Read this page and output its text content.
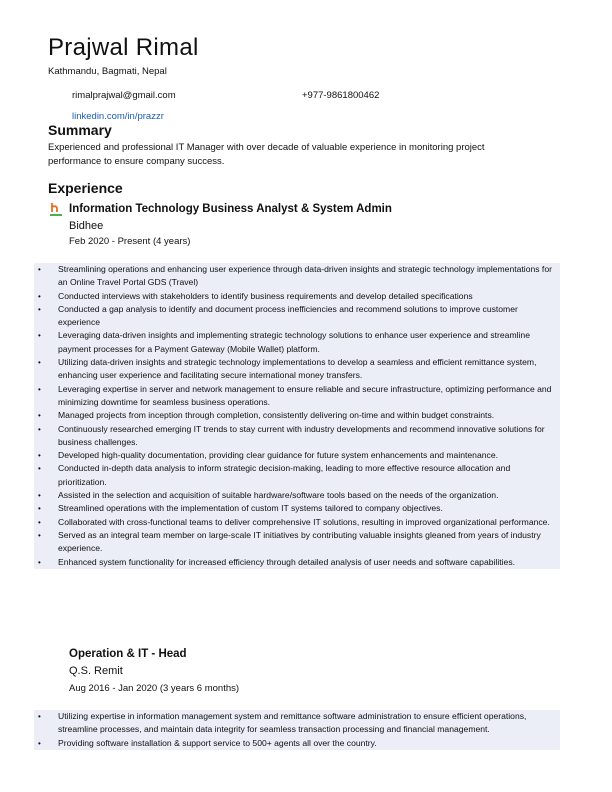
Prajwal Rimal
Kathmandu, Bagmati, Nepal
rimalprajwal@gmail.com	+977-9861800462
linkedin.com/in/prazzr
Summary

Experienced and professional IT Manager with over decade of valuable experience in monitoring project performance to ensure company success.

Experience
Information Technology Business Analyst & System Admin
Bidhee
Feb 2020 - Present (4 years)
• Streamlining operations and enhancing user experience through data-driven insights and strategic technology implementations for an Online Travel Portal GDS (Travel)
• Conducted interviews with stakeholders to identify business requirements and develop detailed specifications
• Conducted a gap analysis to identify and document process inefficiencies and recommend solutions to improve customer experience
• Leveraging data-driven insights and implementing strategic technology solutions to enhance user experience and streamline payment processes for a Payment Gateway (Mobile Wallet) platform.
• Utilizing data-driven insights and strategic technology implementations to develop a seamless and efficient remittance system, enhancing user experience and facilitating secure international money transfers.
• Leveraging expertise in server and network management to ensure reliable and secure infrastructure, optimizing performance and minimizing downtime for seamless business operations.
• Managed projects from inception through completion, consistently delivering on-time and within budget constraints.
• Continuously researched emerging IT trends to stay current with industry developments and recommend innovative solutions for business challenges.
• Developed high-quality documentation, providing clear guidance for future system enhancements and maintenance.
• Conducted in-depth data analysis to inform strategic decision-making, leading to more effective resource allocation and prioritization.
• Assisted in the selection and acquisition of suitable hardware/software tools based on the needs of the organization.
• Streamlined operations with the implementation of custom IT systems tailored to company objectives.
• Collaborated with cross-functional teams to deliver comprehensive IT solutions, resulting in improved organizational performance.
• Served as an integral team member on large-scale IT initiatives by contributing valuable insights gleaned from years of industry experience.
• Enhanced system functionality for increased efficiency through detailed analysis of user needs and software capabilities.
Operation & IT - Head
Q.S. Remit
Aug 2016 - Jan 2020 (3 years 6 months)
• Utilizing expertise in information management system and remittance software administration to ensure efficient operations, streamline processes, and maintain data integrity for seamless transaction processing and financial management.
• Providing software installation & support service to 500+ agents all over the country.
